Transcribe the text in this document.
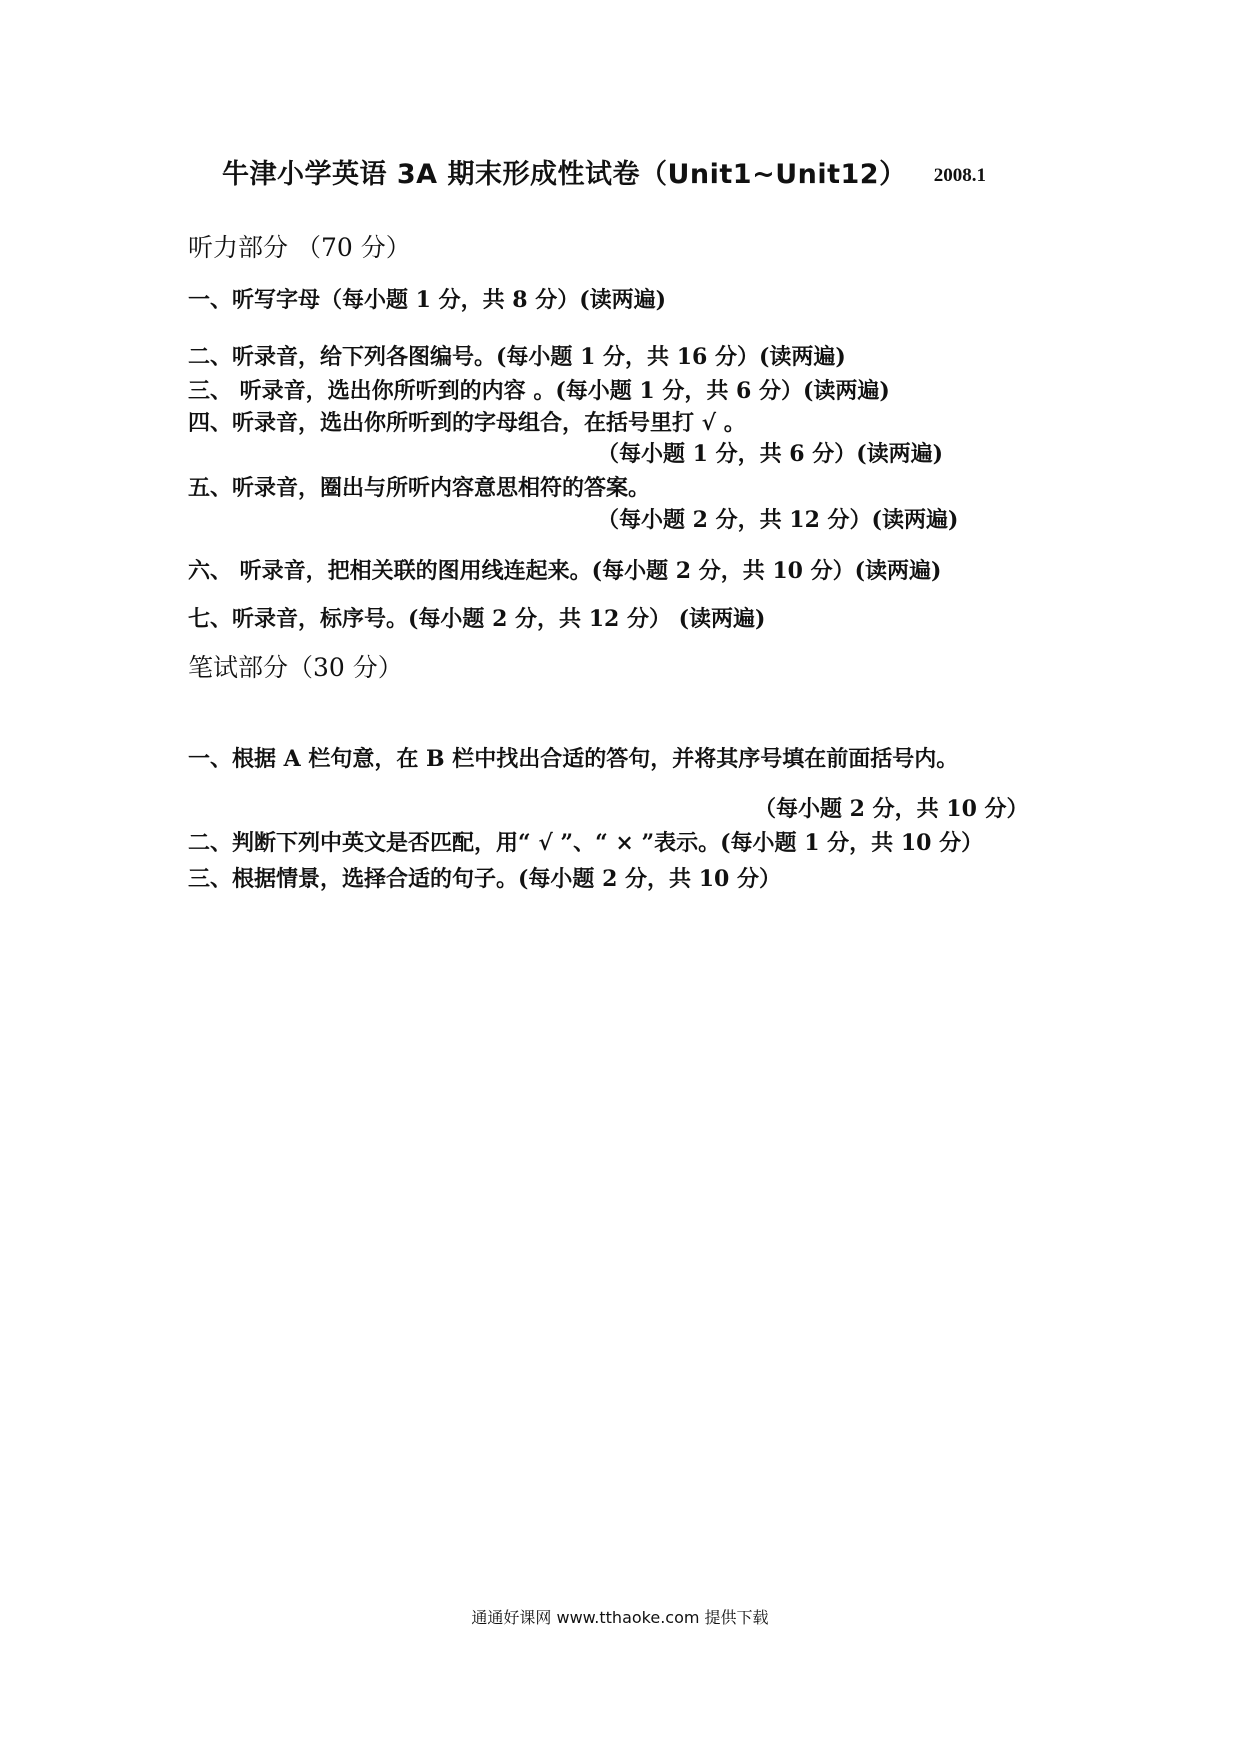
牛津小学英语 3A 期末形成性试卷（Unit1~Unit12） 2008.1
听力部分 （70 分）
一、听写字母（每小题 1 分，共 8 分）(读两遍)
二、听录音，给下列各图编号。(每小题 1 分，共 16 分）(读两遍)
三、 听录音，选出你所听到的内容 。(每小题 1 分，共 6 分）(读两遍)
四、听录音，选出你所听到的字母组合，在括号里打 √ 。
（每小题 1 分，共 6 分）(读两遍)
五、听录音，圈出与所听内容意思相符的答案。
（每小题 2 分，共 12 分）(读两遍)
六、 听录音，把相关联的图用线连起来。(每小题 2 分，共 10 分）(读两遍)
七、听录音，标序号。(每小题 2 分，共 12 分） (读两遍)
笔试部分（30 分）
一、根据 A 栏句意，在 B 栏中找出合适的答句，并将其序号填在前面括号内。
（每小题 2 分，共 10 分）
二、判断下列中英文是否匹配，用“ √ ”、“ × ”表示。(每小题 1 分，共 10 分）
三、根据情景，选择合适的句子。(每小题 2 分，共 10 分）
通通好课网 www.tthaoke.com 提供下载
